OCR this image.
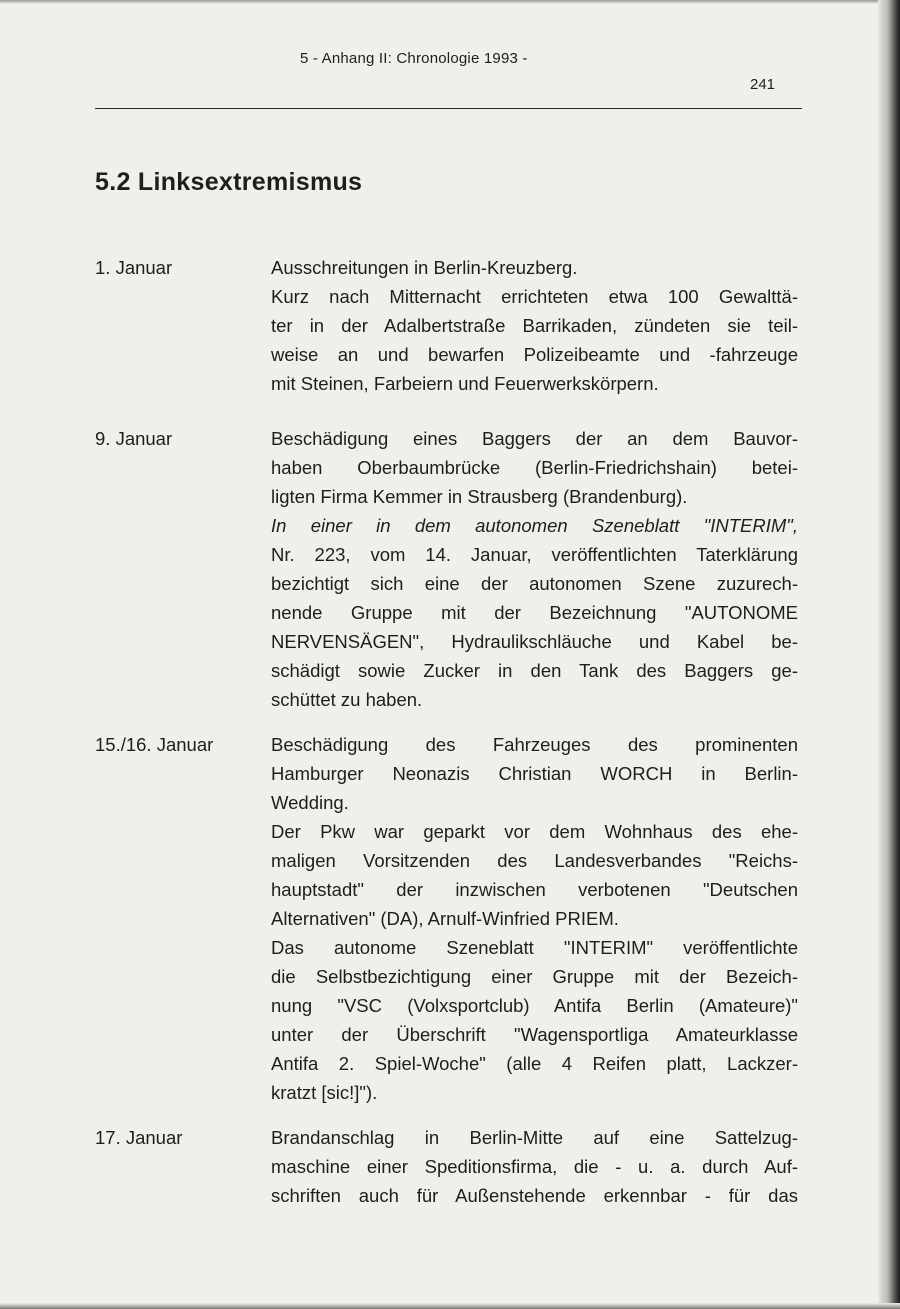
5 - Anhang II: Chronologie 1993 -
241
5.2 Linksextremismus
1. Januar	Ausschreitungen in Berlin-Kreuzberg.
Kurz nach Mitternacht errichteten etwa 100 Gewalttä-
ter in der Adalbertstraße Barrikaden, zündeten sie teil-
weise an und bewarfen Polizeibeamte und -fahrzeuge
mit Steinen, Farbeiern und Feuerwerkskörpern.
9. Januar	Beschädigung eines Baggers der an dem Bauvor-
haben Oberbaumbrücke (Berlin-Friedrichshain) betei-
ligten Firma Kemmer in Strausberg (Brandenburg).
In einer in dem autonomen Szeneblatt "INTERIM",
Nr. 223, vom 14. Januar, veröffentlichten Taterklärung
bezichtigt sich eine der autonomen Szene zuzurech-
nende Gruppe mit der Bezeichnung "AUTONOME
NERVENSÄGEN", Hydraulikschläuche und Kabel be-
schädigt sowie Zucker in den Tank des Baggers ge-
schüttet zu haben.
15./16. Januar	Beschädigung des Fahrzeuges des prominenten
Hamburger Neonazis Christian WORCH in Berlin-
Wedding.
Der Pkw war geparkt vor dem Wohnhaus des ehe-
maligen Vorsitzenden des Landesverbandes "Reichs-
hauptstadt" der inzwischen verbotenen "Deutschen
Alternativen" (DA), Arnulf-Winfried PRIEM.
Das autonome Szeneblatt "INTERIM" veröffentlichte
die Selbstbezichtigung einer Gruppe mit der Bezeich-
nung "VSC (Volxsportclub) Antifa Berlin (Amateure)"
unter der Überschrift "Wagensportliga Amateurklasse
Antifa 2. Spiel-Woche" (alle 4 Reifen platt, Lackzer-
kratzt [sic!]").
17. Januar	Brandanschlag in Berlin-Mitte auf eine Sattelzug-
maschine einer Speditionsfirma, die - u. a. durch Auf-
schriften auch für Außenstehende erkennbar - für das
